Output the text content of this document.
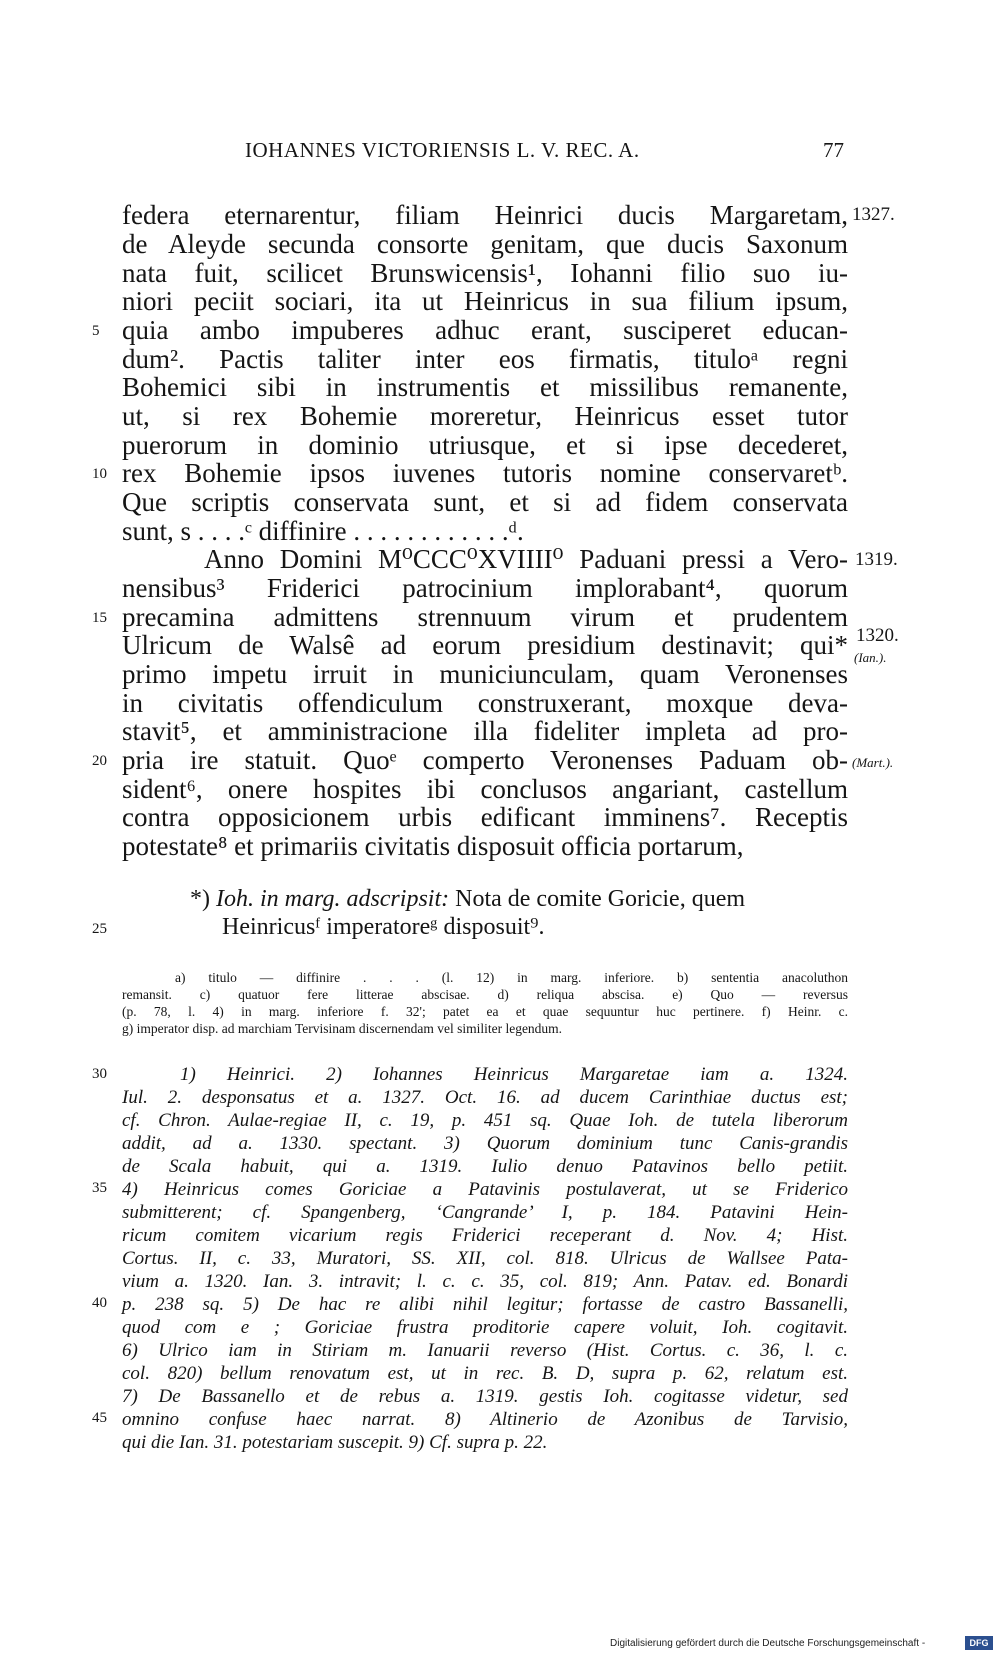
IOHANNES VICTORIENSIS L. V. REC. A.	77
federa eternarentur, filiam Heinrici ducis Margaretam,
de Aleyde secunda consorte genitam, que ducis Saxonum
nata fuit, scilicet Brunswicensis¹, Iohanni filio suo iu-
niori peciit sociari, ita ut Heinricus in sua filium ipsum,
quia ambo impuberes adhuc erant, susciperet educan-
dum². Pactis taliter inter eos firmatis, tituloᵃ regni
Bohemici sibi in instrumentis et missilibus remanente,
ut, si rex Bohemie moreretur, Heinricus esset tutor
puerorum in dominio utriusque, et si ipse decederet,
rex Bohemie ipsos iuvenes tutoris nomine conservaretᵇ.
Que scriptis conservata sunt, et si ad fidem conservata
sunt, s . . . .ᶜ diffinire . . . . . . . . . . . .ᵈ.
Anno Domini M⁰CCC⁰XVIIII⁰ Paduani pressi a Vero-
nensibus³ Friderici patrocinium implorabant⁴, quorum
precamina admittens strennuum virum et prudentem
Ulricum de Walsê ad eorum presidium destinavit; qui*
primo impetu irruit in municiunculam, quam Veronenses
in civitatis offendiculum construxerant, moxque deva-
stavit⁵, et amministracione illa fideliter impleta ad pro-
pria ire statuit. Quoᵉ comperto Veronenses Paduam ob-
sident⁶, onere hospites ibi conclusos angariant, castellum
contra opposicionem urbis edificant imminens⁷. Receptis
potestate⁸ et primariis civitatis disposuit officia portarum,
5
10
15
20
25
30
35
40
45
1327.
1319.
1320.
(Ian.).
(Mart.).
*) Ioh. in marg. adscripsit: Nota de comite Goricie, quem
Heinricusᶠ imperatoreᵍ disposuit⁹.
a) titulo — diffinire . . . (l. 12) in marg. inferiore. b) sententia anacoluthon
remansit. c) quatuor fere litterae abscisae. d) reliqua abscisa. e) Quo — reversus
(p. 78, l. 4) in marg. inferiore f. 32'; patet ea et quae sequuntur huc pertinere. f) Heinr. c.
g) imperator disp. ad marchiam Tervisinam discernendam vel similiter legendum.
1) Heinrici. 2) Iohannes Heinricus Margaretae iam a. 1324.
Iul. 2. desponsatus et a. 1327. Oct. 16. ad ducem Carinthiae ductus est;
cf. Chron. Aulae-regiae II, c. 19, p. 451 sq. Quae Ioh. de tutela liberorum
addit, ad a. 1330. spectant. 3) Quorum dominium tunc Canis-grandis
de Scala habuit, qui a. 1319. Iulio denuo Patavinos bello petiit.
4) Heinricus comes Goriciae a Patavinis postulaverat, ut se Friderico
submitterent; cf. Spangenberg, ‘Cangrande’ I, p. 184. Patavini Hein-
ricum comitem vicarium regis Friderici receperant d. Nov. 4; Hist.
Cortus. II, c. 33, Muratori, SS. XII, col. 818. Ulricus de Wallsee Pata-
vium a. 1320. Ian. 3. intravit; l. c. c. 35, col. 819; Ann. Patav. ed. Bonardi
p. 238 sq. 5) De hac re alibi nihil legitur; fortasse de castro Bassanelli,
quod com e ; Goriciae frustra proditorie capere voluit, Ioh. cogitavit.
6) Ulrico iam in Stiriam m. Ianuarii reverso (Hist. Cortus. c. 36, l. c.
col. 820) bellum renovatum est, ut in rec. B. D, supra p. 62, relatum est.
7) De Bassanello et de rebus a. 1319. gestis Ioh. cogitasse videtur, sed
omnino confuse haec narrat. 8) Altinerio de Azonibus de Tarvisio,
qui die Ian. 31. potestariam suscepit. 9) Cf. supra p. 22.
Digitalisierung gefördert durch die Deutsche Forschungsgemeinschaft -	DFG
